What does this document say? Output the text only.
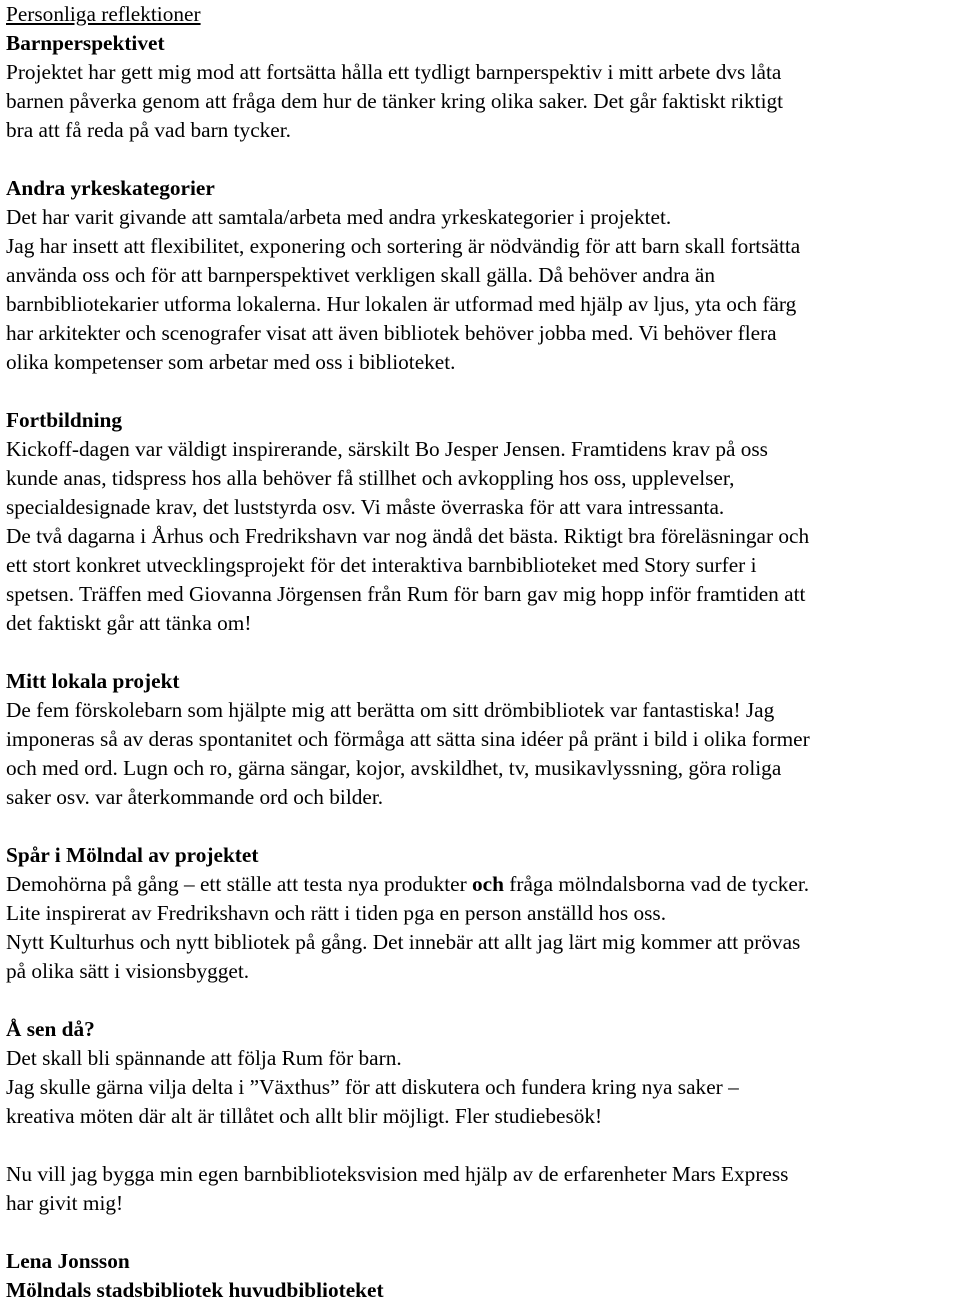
Personliga reflektioner
Barnperspektivet
Projektet har gett mig mod att fortsätta hålla ett tydligt barnperspektiv i mitt arbete dvs låta
barnen påverka genom att fråga dem hur de tänker kring olika saker. Det går faktiskt riktigt
bra att få reda på vad barn tycker.
Andra yrkeskategorier
Det har varit givande att samtala/arbeta med andra yrkeskategorier i projektet.
Jag har insett att flexibilitet, exponering och sortering är nödvändig för att barn skall fortsätta
använda oss och för att barnperspektivet verkligen skall gälla. Då behöver andra än
barnbibliotekarier utforma lokalerna. Hur lokalen är utformad med hjälp av ljus, yta och färg
har arkitekter och scenografer visat att även bibliotek behöver jobba med. Vi behöver flera
olika kompetenser som arbetar med oss i biblioteket.
Fortbildning
Kickoff-dagen var väldigt inspirerande, särskilt Bo Jesper Jensen. Framtidens krav på oss
kunde anas, tidspress hos alla behöver få stillhet och avkoppling hos oss, upplevelser,
specialdesignade krav, det luststyrda osv. Vi måste överraska för att vara intressanta.
De två dagarna i Århus och Fredrikshavn var nog ändå det bästa. Riktigt bra föreläsningar och
ett stort konkret utvecklingsprojekt för det interaktiva barnbiblioteket med Story surfer i
spetsen. Träffen med Giovanna Jörgensen från Rum för barn gav mig hopp inför framtiden att
det faktiskt går att tänka om!
Mitt lokala projekt
De fem förskolebarn som hjälpte mig att berätta om sitt drömbibliotek var fantastiska! Jag
imponeras så av deras spontanitet och förmåga att sätta sina idéer på pränt i bild i olika former
och med ord. Lugn och ro, gärna sängar, kojor, avskildhet, tv, musikavlyssning, göra roliga
saker osv. var återkommande ord och bilder.
Spår i Mölndal av projektet
Demohörna på gång – ett ställe att testa nya produkter och fråga mölndalsborna vad de tycker.
Lite inspirerat av Fredrikshavn och rätt i tiden pga en person anställd hos oss.
Nytt Kulturhus och nytt bibliotek på gång. Det innebär att allt jag lärt mig kommer att prövas
på olika sätt i visionsbygget.
Å sen då?
Det skall bli spännande att följa Rum för barn.
Jag skulle gärna vilja delta i ”Växthus” för att diskutera och fundera kring nya saker –
kreativa möten där alt är tillåtet och allt blir möjligt. Fler studiebesök!
Nu vill jag bygga min egen barnbiblioteksvision med hjälp av de erfarenheter Mars Express
har givit mig!
Lena Jonsson
Mölndals stadsbibliotek huvudbiblioteket
